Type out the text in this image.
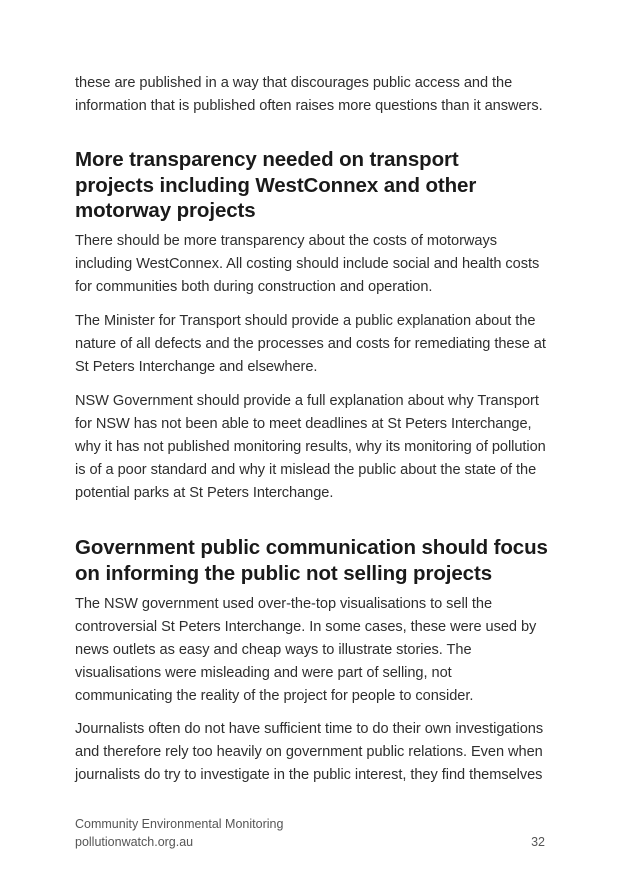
these are published in a way that discourages public access and the
information that is published often raises more questions than it answers.

More transparency needed on transport
projects including WestConnex and other
motorway projects

There should be more transparency about the costs of motorways
including WestConnex. All costing should include social and health costs
for communities both during construction and operation.

The Minister for Transport should provide a public explanation about the
nature of all defects and the processes and costs for remediating these at
St Peters Interchange and elsewhere.

NSW Government should provide a full explanation about why Transport
for NSW has not been able to meet deadlines at St Peters Interchange,
why it has not published monitoring results, why its monitoring of pollution
is of a poor standard and why it mislead the public about the state of the
potential parks at St Peters Interchange.

Government public communication should focus
on informing the public not selling projects

The NSW government used over-the-top visualisations to sell the
controversial St Peters Interchange. In some cases, these were used by
news outlets as easy and cheap ways to illustrate stories. The
visualisations were misleading and were part of selling, not
communicating the reality of the project for people to consider.

Journalists often do not have sufficient time to do their own investigations
and therefore rely too heavily on government public relations. Even when
journalists do try to investigate in the public interest, they find themselves

Community Environmental Monitoring
pollutionwatch.org.au	32
